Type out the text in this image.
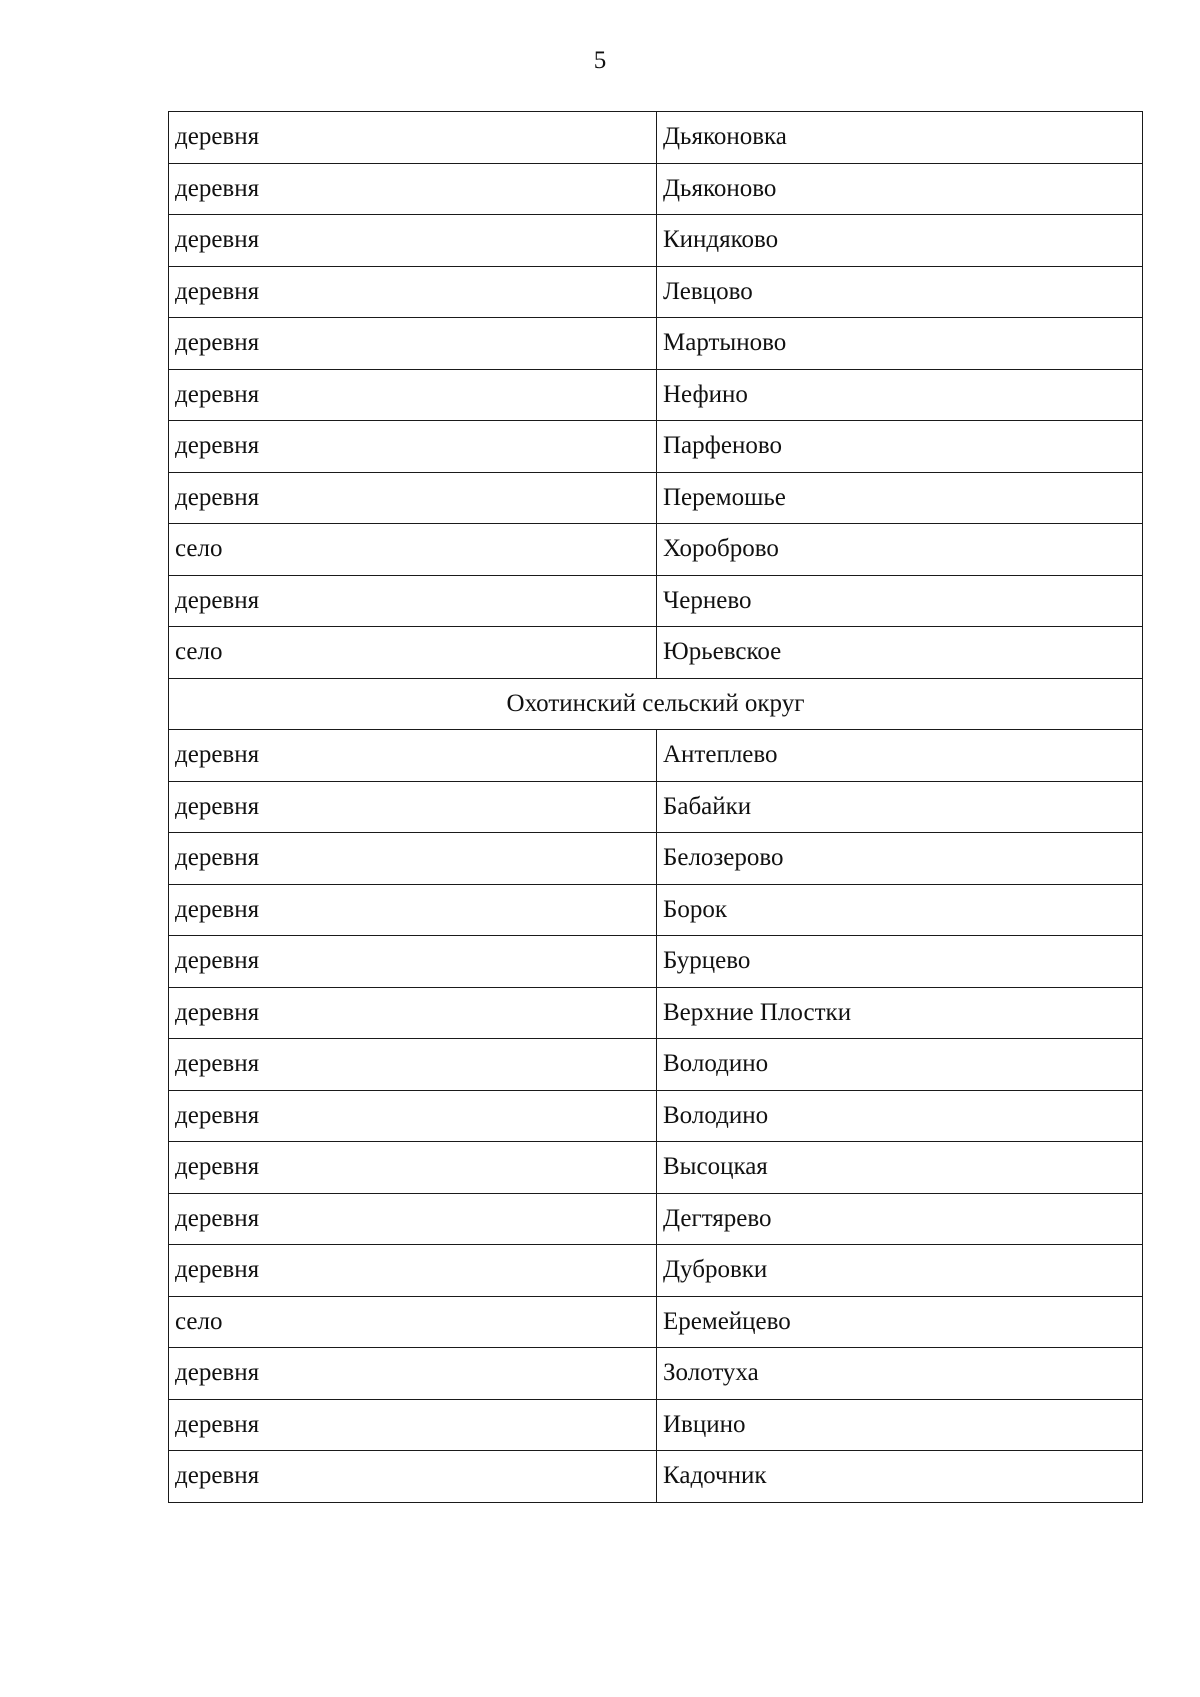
5
деревня	Дьяконовка
деревня	Дьяконово
деревня	Киндяково
деревня	Левцово
деревня	Мартыново
деревня	Нефино
деревня	Парфеново
деревня	Перемошье
село	Хороброво
деревня	Чернево
село	Юрьевское
Охотинский сельский округ	
деревня	Антеплево
деревня	Бабайки
деревня	Белозерово
деревня	Борок
деревня	Бурцево
деревня	Верхние Плостки
деревня	Володино
деревня	Володино
деревня	Высоцкая
деревня	Дегтярево
деревня	Дубровки
село	Еремейцево
деревня	Золотуха
деревня	Ивцино
деревня	Кадочник
